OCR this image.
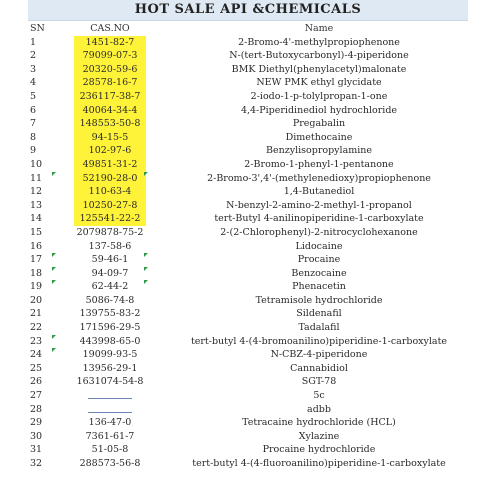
HOT SALE API &CHEMICALS
SN	CAS.NO	Name
1	1451-82-7	2-Bromo-4'-methylpropiophenone
2	79099-07-3	N-(tert-Butoxycarbonyl)-4-piperidone
3	20320-59-6	BMK Diethyl(phenylacetyl)malonate
4	28578-16-7	NEW PMK ethyl glycidate
5	236117-38-7	2-iodo-1-p-tolylpropan-1-one
6	40064-34-4	4,4-Piperidinediol hydrochloride
7	148553-50-8	Pregabalin
8	94-15-5	Dimethocaine
9	102-97-6	Benzylisopropylamine
10	49851-31-2	2-Bromo-1-phenyl-1-pentanone
11	52190-28-0	2-Bromo-3',4'-(methylenedioxy)propiophenone
12	110-63-4	1,4-Butanediol
13	10250-27-8	N-benzyl-2-amino-2-methyl-1-propanol
14	125541-22-2	tert-Butyl 4-anilinopiperidine-1-carboxylate
15	2079878-75-2	2-(2-Chlorophenyl)-2-nitrocyclohexanone
16	137-58-6	Lidocaine
17	59-46-1	Procaine
18	94-09-7	Benzocaine
19	62-44-2	Phenacetin
20	5086-74-8	Tetramisole hydrochloride
21	139755-83-2	Sildenafil
22	171596-29-5	Tadalafil
23	443998-65-0	tert-butyl 4-(4-bromoanilino)piperidine-1-carboxylate
24	19099-93-5	N-CBZ-4-piperidone
25	13956-29-1	Cannabidiol
26	1631074-54-8	SGT-78
27		5c
28		adbb
29	136-47-0	Tetracaine hydrochloride (HCL)
30	7361-61-7	Xylazine
31	51-05-8	Procaine hydrochloride
32	288573-56-8	tert-butyl 4-(4-fluoroanilino)piperidine-1-carboxylate
